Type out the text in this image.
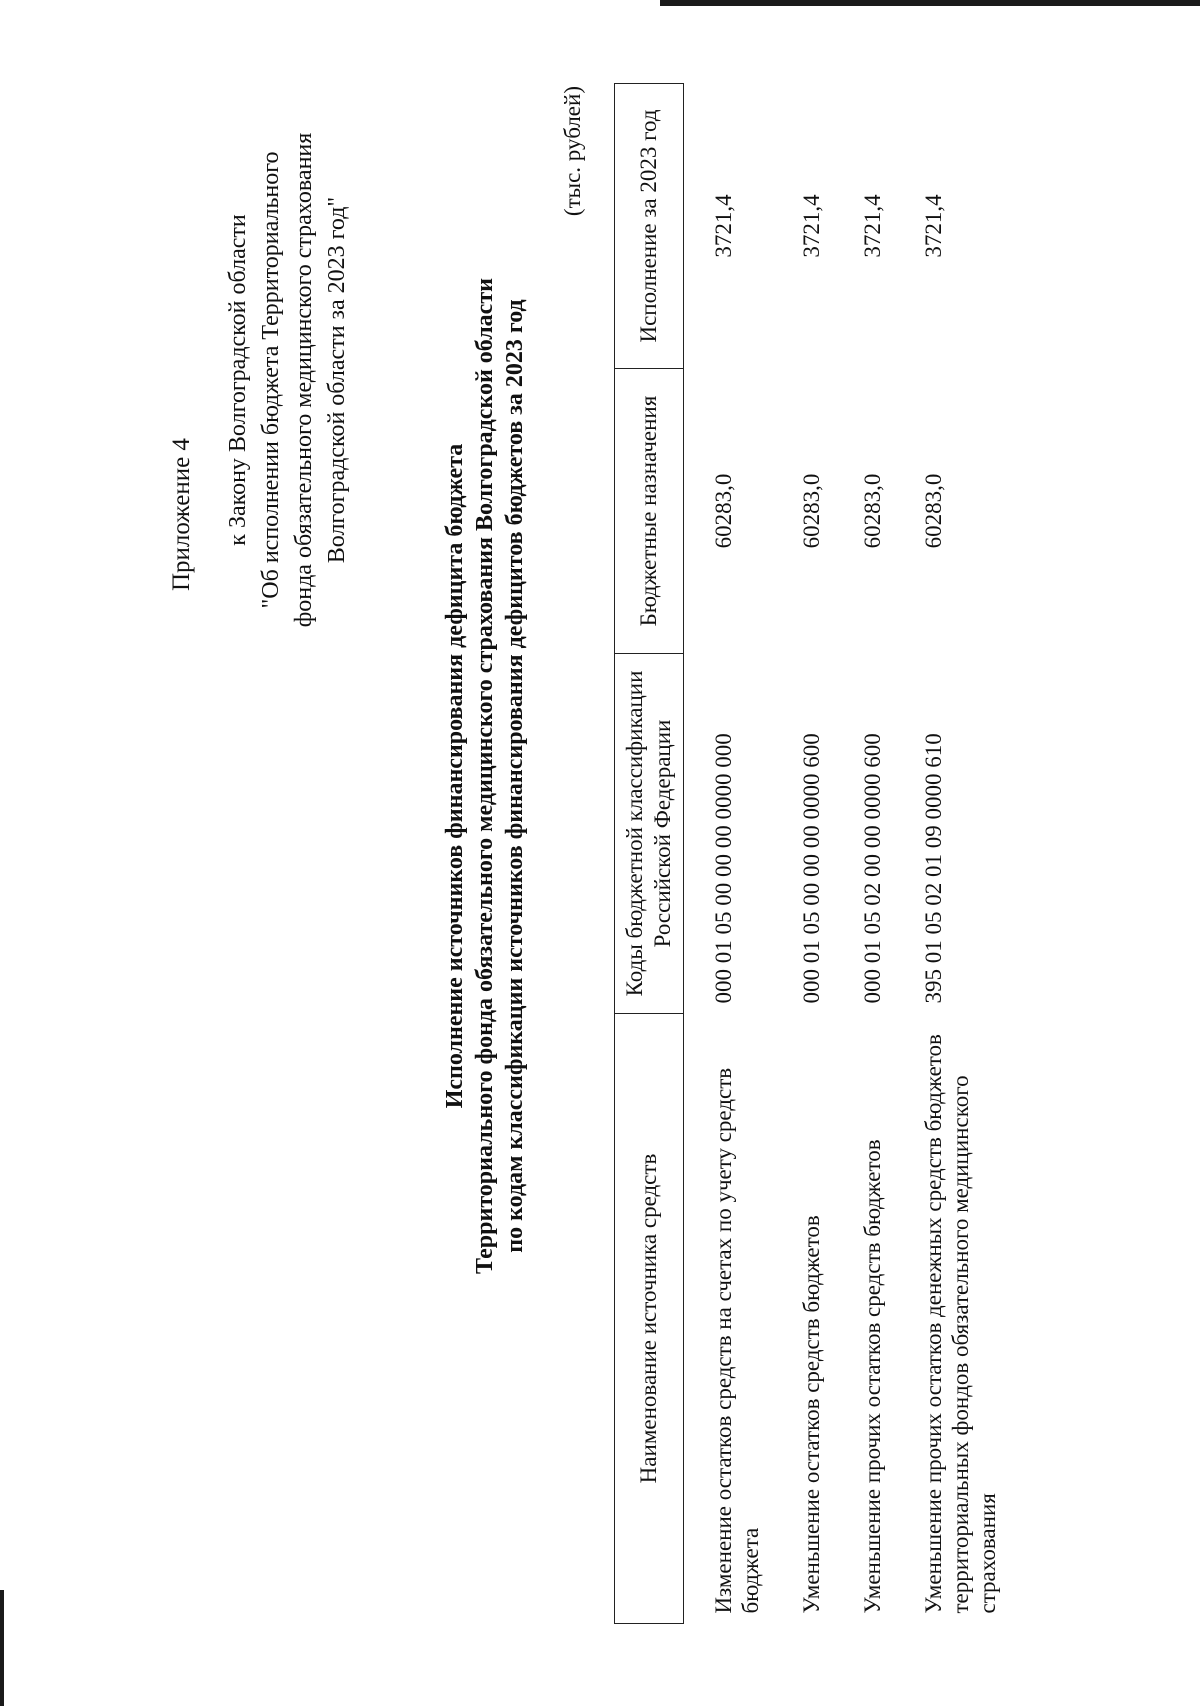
Приложение 4 к Закону Волгоградской области "Об исполнении бюджета Территориального фонда обязательного медицинского страхования Волгоградской области за 2023 год"
Исполнение источников финансирования дефицита бюджета Территориального фонда обязательного медицинского страхования Волгоградской области по кодам классификации источников финансирования дефицитов бюджетов за 2023 год
(тыс. рублей)
Наименование источника средств	Коды бюджетной классификации Российской Федерации	Бюджетные назначения	Исполнение за 2023 год

Изменение остатков средств на счетах по учету средств бюджета	000 01 05 00 00 00 0000 000	60283,0	3721,4
Уменьшение остатков средств бюджетов	000 01 05 00 00 00 0000 600	60283,0	3721,4
Уменьшение прочих остатков средств бюджетов	000 01 05 02 00 00 0000 600	60283,0	3721,4
Уменьшение прочих остатков денежных средств бюджетов территориальных фондов обязательного медицинского страхования	395 01 05 02 01 09 0000 610	60283,0	3721,4
